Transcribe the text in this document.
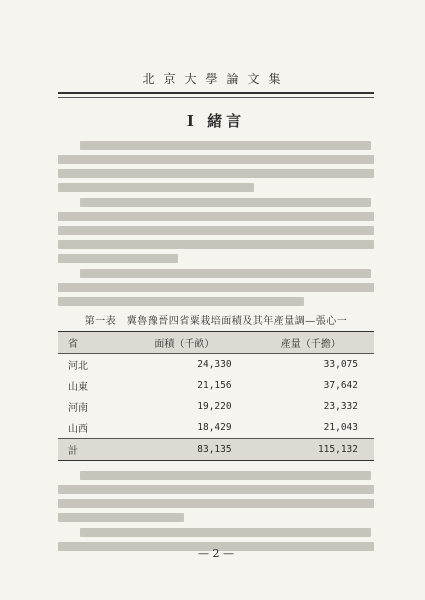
北京大學論文集
I 緒言
第一表　冀魯豫晉四省粟栽培面積及其年產量調—張心一
省	面積（千畝）	產量（千擔）
河北	24,330	33,075
山東	21,156	37,642
河南	19,220	23,332
山西	18,429	21,043
計	83,135	115,132
— 2 —
